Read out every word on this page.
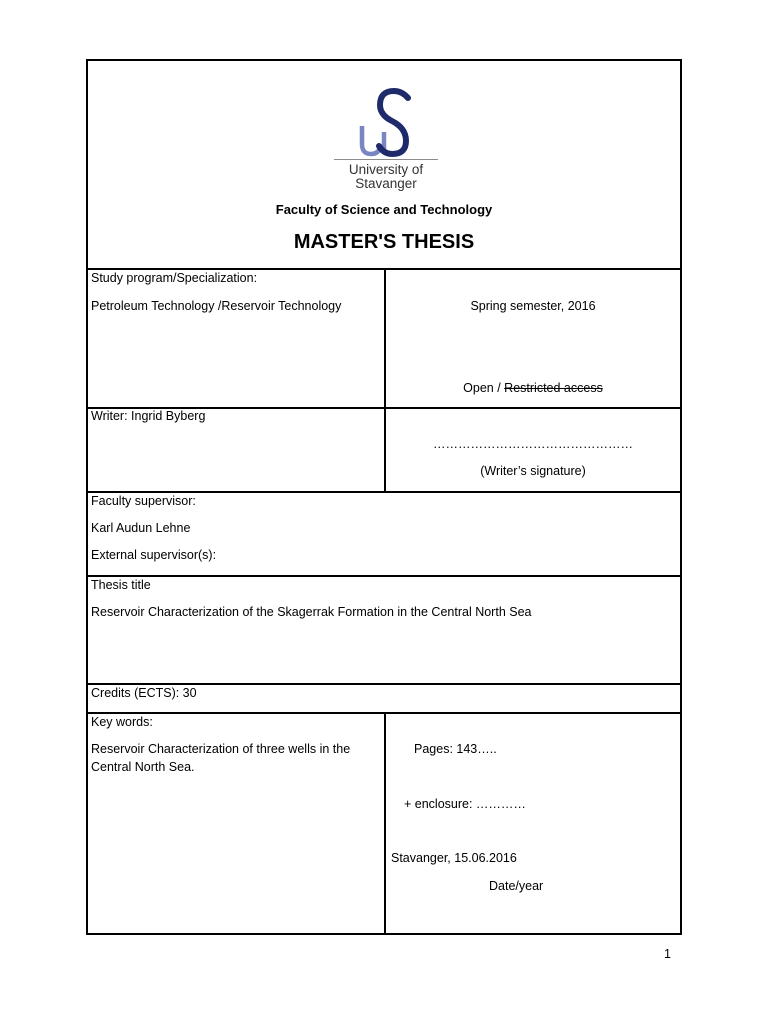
University of Stavanger
Faculty of Science and Technology
MASTER'S THESIS
Study program/Specialization:
Petroleum Technology /Reservoir Technology	Spring semester, 2016
Open / Restricted access
Writer: Ingrid Byberg
…………………………………………
(Writer’s signature)
Faculty supervisor:
Karl Audun Lehne
External supervisor(s):
Thesis title
Reservoir Characterization of the Skagerrak Formation in the Central North Sea
Credits (ECTS): 30
Key words:
Reservoir Characterization of three wells in the Central North Sea.
Pages: 143…..
+ enclosure: …………
Stavanger, 15.06.2016
Date/year
1
